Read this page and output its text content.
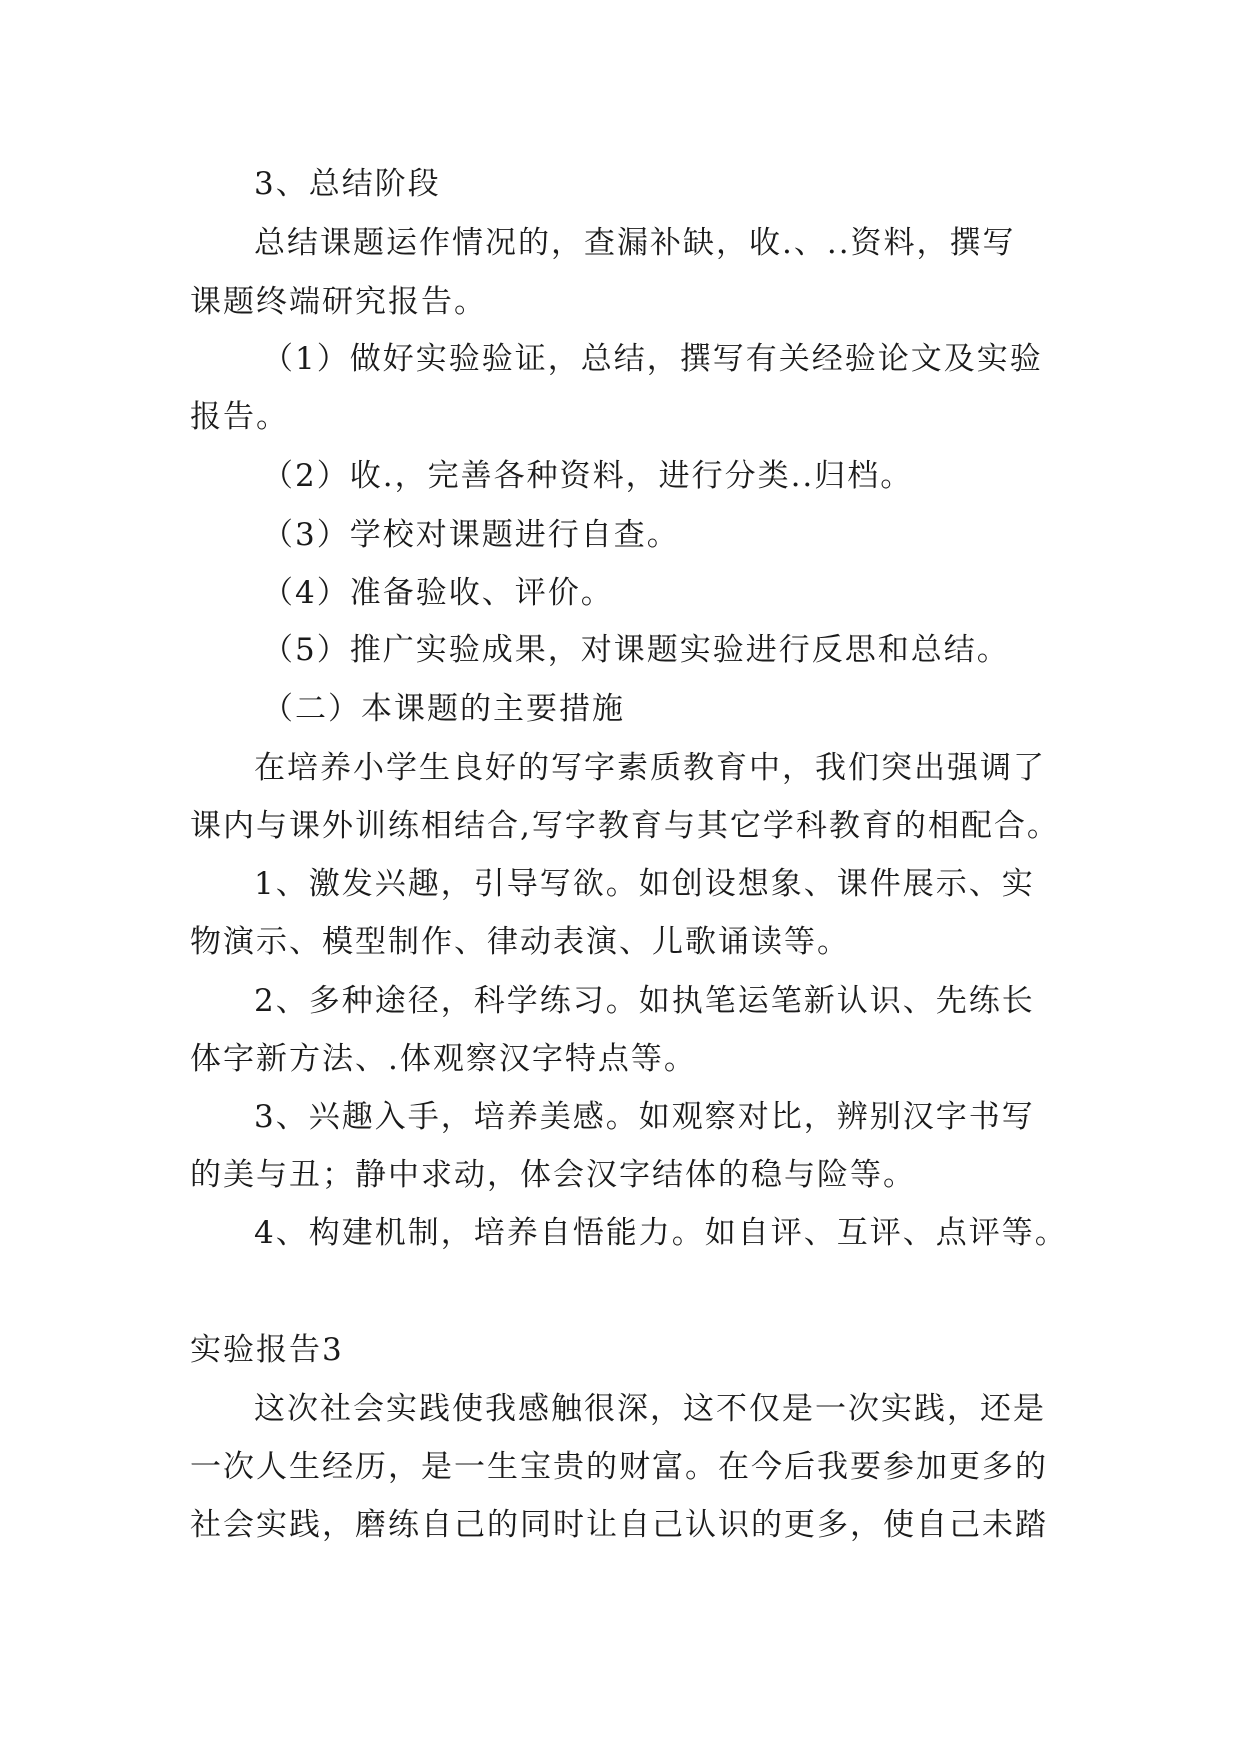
3、总结阶段
总结课题运作情况的，查漏补缺，收.、..资料，撰写
课题终端研究报告。
（1）做好实验验证，总结，撰写有关经验论文及实验
报告。
（2）收.，完善各种资料，进行分类..归档。
（3）学校对课题进行自查。
（4）准备验收、评价。
（5）推广实验成果，对课题实验进行反思和总结。
（二）本课题的主要措施
在培养小学生良好的写字素质教育中，我们突出强调了
课内与课外训练相结合,写字教育与其它学科教育的相配合。
1、激发兴趣，引导写欲。如创设想象、课件展示、实
物演示、模型制作、律动表演、儿歌诵读等。
2、多种途径，科学练习。如执笔运笔新认识、先练长
体字新方法、.体观察汉字特点等。
3、兴趣入手，培养美感。如观察对比，辨别汉字书写
的美与丑；静中求动，体会汉字结体的稳与险等。
4、构建机制，培养自悟能力。如自评、互评、点评等。
实验报告3
这次社会实践使我感触很深，这不仅是一次实践，还是
一次人生经历，是一生宝贵的财富。在今后我要参加更多的
社会实践，磨练自己的同时让自己认识的更多，使自己未踏
